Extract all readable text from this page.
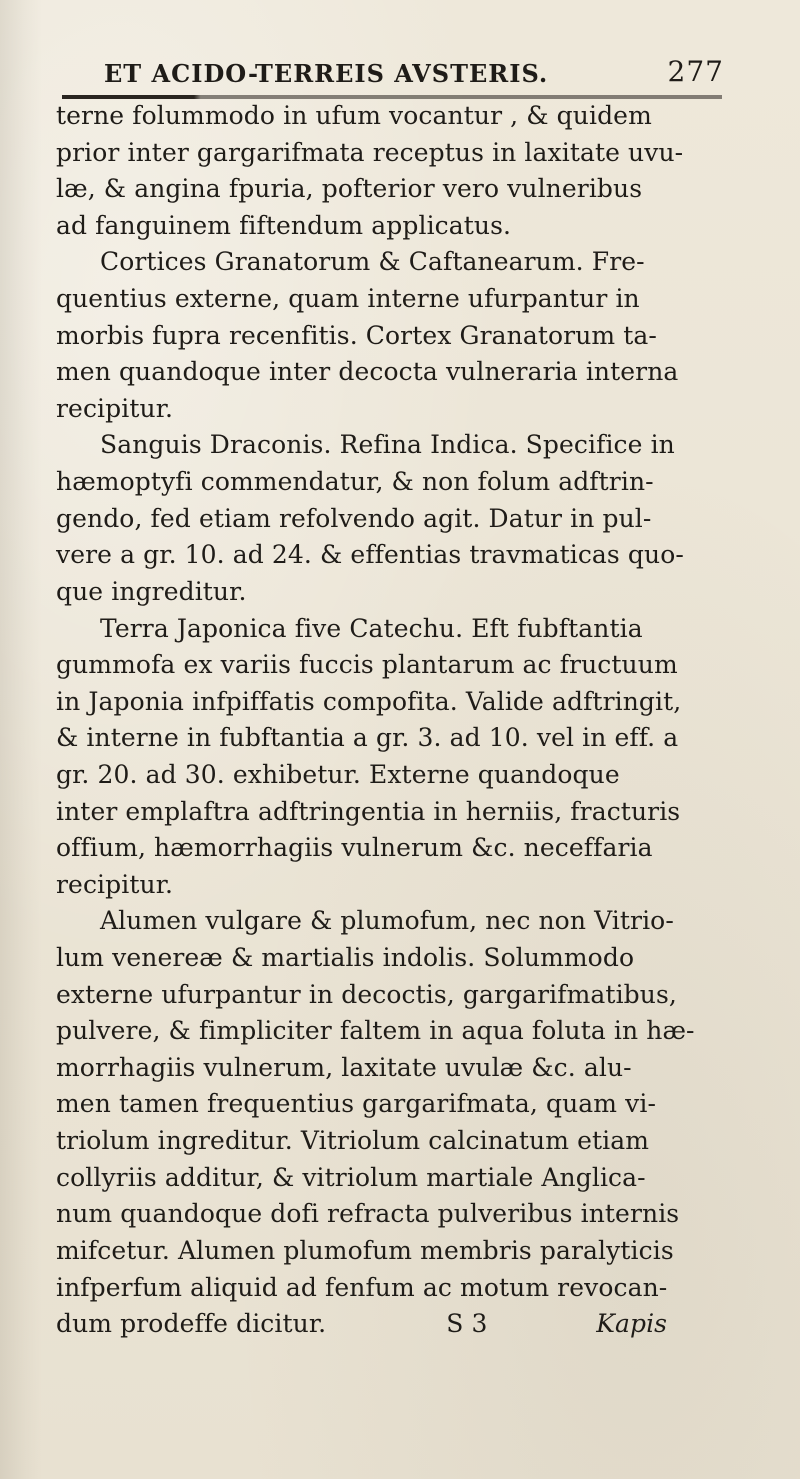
ET ACIDO-TERREIS AVSTERIS.	277
terne folummodo in ufum vocantur , & quidem
prior inter gargarifmata receptus in laxitate uvu-
læ, & angina fpuria, pofterior vero vulneribus
ad fanguinem fiftendum applicatus.
Cortices Granatorum & Caftanearum. Fre-
quentius externe, quam interne ufurpantur in
morbis fupra recenfitis. Cortex Granatorum ta-
men quandoque inter decocta vulneraria interna
recipitur.
Sanguis Draconis. Refina Indica. Specifice in
hæmoptyfi commendatur, & non folum adftrin-
gendo, fed etiam refolvendo agit. Datur in pul-
vere a gr. 10. ad 24. & effentias travmaticas quo-
que ingreditur.
Terra Japonica five Catechu. Eft fubftantia
gummofa ex variis fuccis plantarum ac fructuum
in Japonia infpiffatis compofita. Valide adftringit,
& interne in fubftantia a gr. 3. ad 10. vel in eff. a
gr. 20. ad 30. exhibetur. Externe quandoque
inter emplaftra adftringentia in herniis, fracturis
offium, hæmorrhagiis vulnerum &c. neceffaria
recipitur.
Alumen vulgare & plumofum, nec non Vitrio-
lum venereæ & martialis indolis. Solummodo
externe ufurpantur in decoctis, gargarifmatibus,
pulvere, & fimpliciter faltem in aqua foluta in hæ-
morrhagiis vulnerum, laxitate uvulæ &c. alu-
men tamen frequentius gargarifmata, quam vi-
triolum ingreditur. Vitriolum calcinatum etiam
collyriis additur, & vitriolum martiale Anglica-
num quandoque dofi refracta pulveribus internis
mifcetur. Alumen plumofum membris paralyticis
infperfum aliquid ad fenfum ac motum revocan-
dum prodeffe dicitur.	S 3	Kapis
